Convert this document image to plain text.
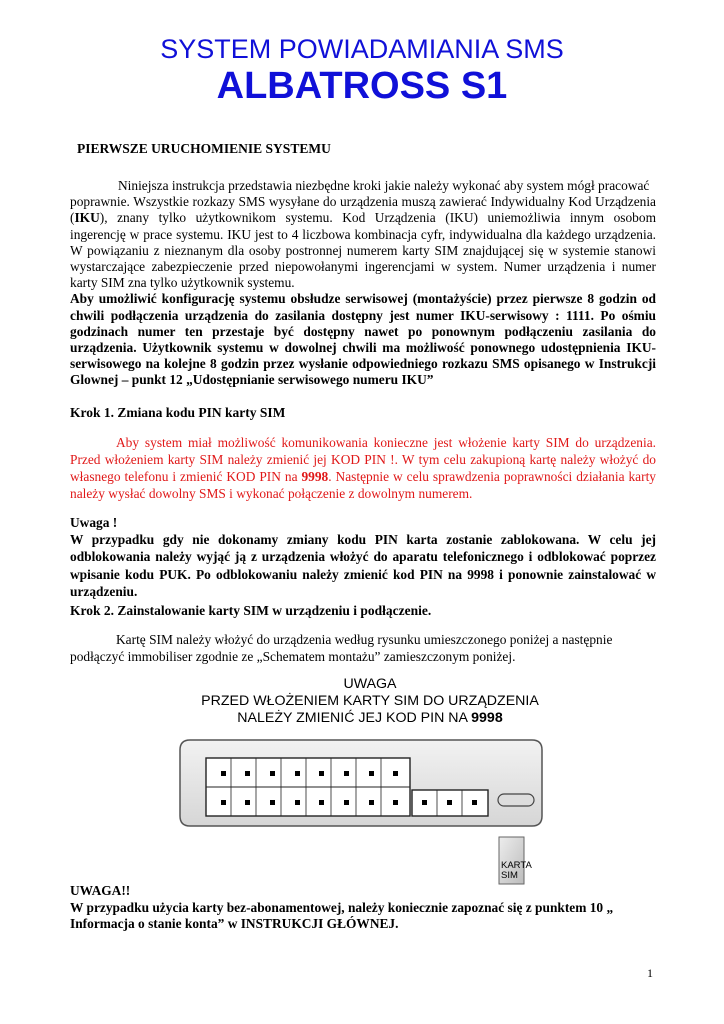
SYSTEM POWIADAMIANIA SMS
ALBATROSS S1
PIERWSZE URUCHOMIENIE SYSTEMU
Niniejsza instrukcja przedstawia niezbędne kroki jakie należy wykonać aby system mógł pracować
poprawnie. Wszystkie rozkazy SMS wysyłane do urządzenia muszą zawierać Indywidualny Kod Urządzenia
(IKU), znany tylko użytkownikom systemu. Kod Urządzenia (IKU) uniemożliwia innym osobom
ingerencję w prace systemu. IKU jest to 4 liczbowa kombinacja cyfr, indywidualna dla każdego urządzenia.
W powiązaniu z nieznanym dla osoby postronnej numerem karty SIM znajdującej się w systemie stanowi
wystarczające zabezpieczenie przed niepowołanymi ingerencjami w system. Numer urządzenia i numer
karty SIM zna tylko użytkownik systemu.
Aby umożliwić konfigurację systemu obsłudze serwisowej (montażyście) przez pierwsze 8 godzin od
chwili podłączenia urządzenia do zasilania dostępny jest numer IKU-serwisowy : 1111. Po ośmiu
godzinach numer ten przestaje być dostępny nawet po ponownym podłączeniu zasilania do
urządzenia. Użytkownik systemu w dowolnej chwili ma możliwość ponownego udostępnienia IKU-
serwisowego na kolejne 8 godzin przez wysłanie odpowiedniego rozkazu SMS opisanego w Instrukcji
Glownej – punkt 12 „Udostępnianie serwisowego numeru IKU”
Krok 1. Zmiana kodu PIN karty SIM
Aby system miał możliwość komunikowania konieczne jest włożenie karty SIM do urządzenia.
Przed włożeniem karty SIM należy zmienić jej KOD PIN !. W tym celu zakupioną kartę należy włożyć do
własnego telefonu i zmienić KOD PIN na 9998. Następnie w celu sprawdzenia poprawności działania karty
należy wysłać dowolny SMS i wykonać połączenie z dowolnym numerem.
Uwaga !
W przypadku gdy nie dokonamy zmiany kodu PIN karta zostanie zablokowana. W celu jej
odblokowania należy wyjąć ją z urządzenia włożyć do aparatu telefonicznego i odblokować poprzez
wpisanie kodu PUK. Po odblokowaniu należy zmienić kod PIN na 9998 i ponownie zainstalować w
urządzeniu.
Krok 2. Zainstalowanie karty SIM w urządzeniu i podłączenie.
Kartę SIM należy włożyć do urządzenia według rysunku umieszczonego poniżej a następnie
podłączyć immobiliser zgodnie ze „Schematem montażu” zamieszczonym poniżej.
UWAGA
PRZED WŁOŻENIEM KARTY SIM DO URZĄDZENIA
NALEŻY ZMIENIĆ JEJ KOD PIN NA 9998
KARTA
SIM
UWAGA!!
W przypadku użycia karty bez-abonamentowej, należy koniecznie zapoznać się z punktem 10 „
Informacja o stanie konta” w INSTRUKCJI GŁÓWNEJ.
1
